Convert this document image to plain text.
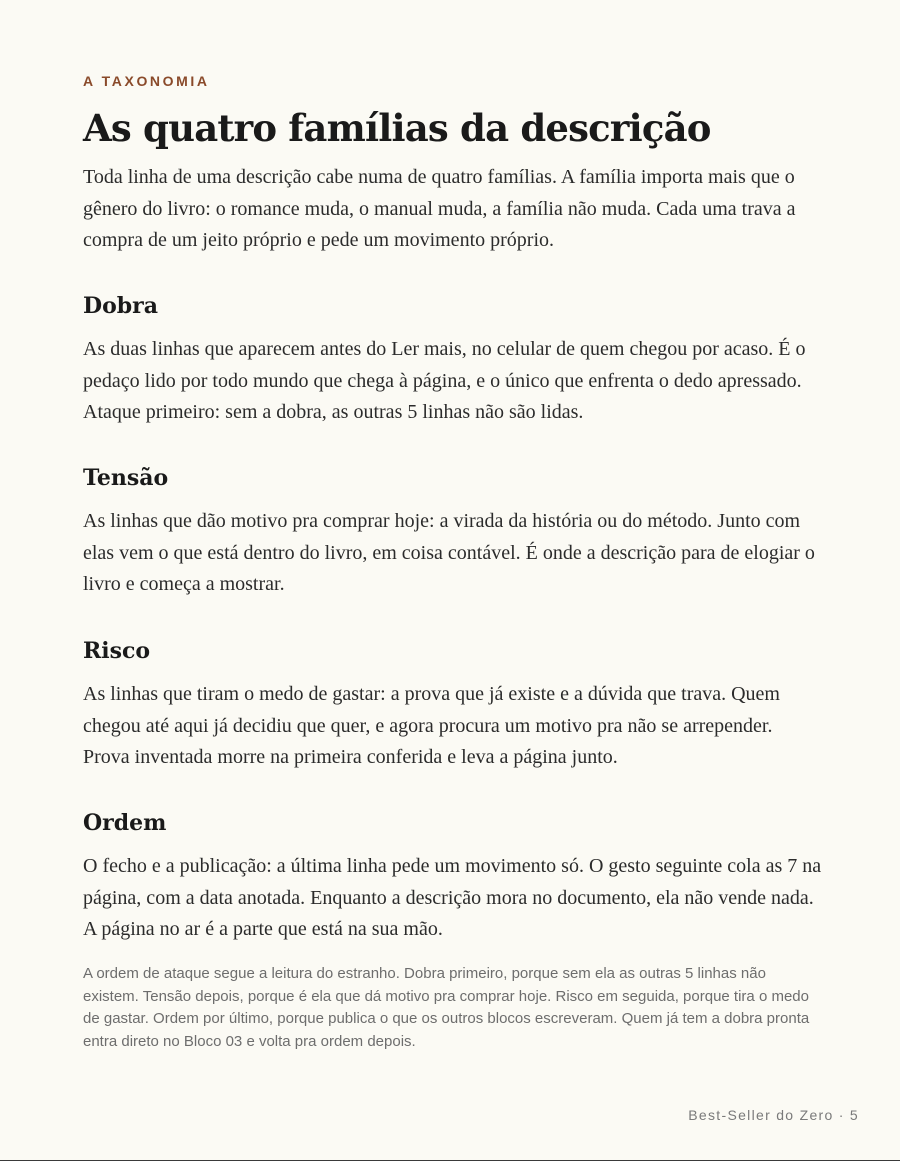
A TAXONOMIA
As quatro famílias da descrição

Toda linha de uma descrição cabe numa de quatro famílias. A família importa mais que o gênero do livro: o romance muda, o manual muda, a família não muda. Cada uma trava a compra de um jeito próprio e pede um movimento próprio.

Dobra

As duas linhas que aparecem antes do Ler mais, no celular de quem chegou por acaso. É o pedaço lido por todo mundo que chega à página, e o único que enfrenta o dedo apressado. Ataque primeiro: sem a dobra, as outras 5 linhas não são lidas.

Tensão

As linhas que dão motivo pra comprar hoje: a virada da história ou do método. Junto com elas vem o que está dentro do livro, em coisa contável. É onde a descrição para de elogiar o livro e começa a mostrar.

Risco

As linhas que tiram o medo de gastar: a prova que já existe e a dúvida que trava. Quem chegou até aqui já decidiu que quer, e agora procura um motivo pra não se arrepender. Prova inventada morre na primeira conferida e leva a página junto.

Ordem

O fecho e a publicação: a última linha pede um movimento só. O gesto seguinte cola as 7 na página, com a data anotada. Enquanto a descrição mora no documento, ela não vende nada. A página no ar é a parte que está na sua mão.

A ordem de ataque segue a leitura do estranho. Dobra primeiro, porque sem ela as outras 5 linhas não existem. Tensão depois, porque é ela que dá motivo pra comprar hoje. Risco em seguida, porque tira o medo de gastar. Ordem por último, porque publica o que os outros blocos escreveram. Quem já tem a dobra pronta entra direto no Bloco 03 e volta pra ordem depois.

Best-Seller do Zero · 5
